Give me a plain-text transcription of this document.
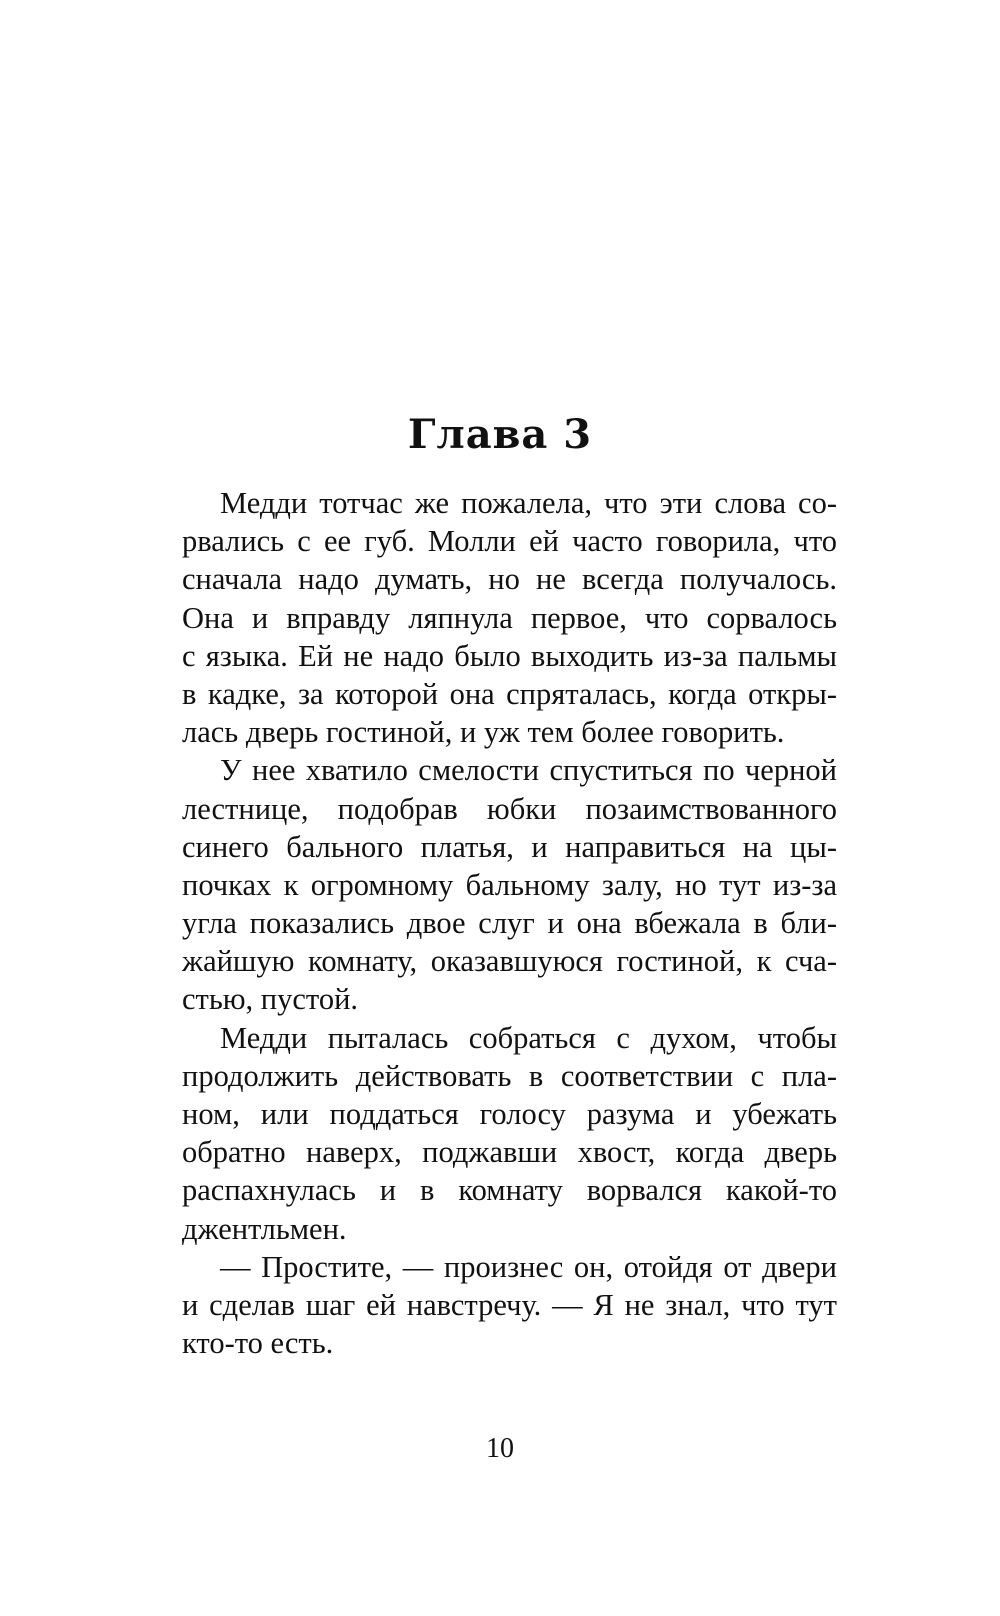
Глава 3
Медди тотчас же пожалела, что эти слова со-
рвались с ее губ. Молли ей часто говорила, что
сначала надо думать, но не всегда получалось.
Она и вправду ляпнула первое, что сорвалось
с языка. Ей не надо было выходить из-за пальмы
в кадке, за которой она спряталась, когда откры-
лась дверь гостиной, и уж тем более говорить.
У нее хватило смелости спуститься по черной
лестнице, подобрав юбки позаимствованного
синего бального платья, и направиться на цы-
почках к огромному бальному залу, но тут из-за
угла показались двое слуг и она вбежала в бли-
жайшую комнату, оказавшуюся гостиной, к сча-
стью, пустой.
Медди пыталась собраться с духом, чтобы
продолжить действовать в соответствии с пла-
ном, или поддаться голосу разума и убежать
обратно наверх, поджавши хвост, когда дверь
распахнулась и в комнату ворвался какой-то
джентльмен.
— Простите, — произнес он, отойдя от двери
и сделав шаг ей навстречу. — Я не знал, что тут
кто-то есть.
10
